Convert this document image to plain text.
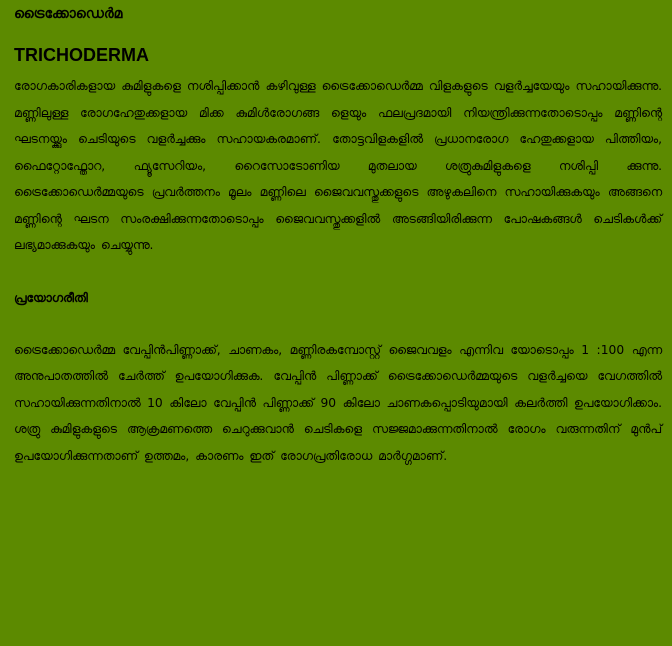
ട്രൈക്കോഡെർമ
TRICHODERMA

രോഗകാരികളായ കുമിളുകളെ നശിപ്പിക്കാൻ കഴിവുള്ള ട്രൈക്കോഡെർമ്മ വിളകളുടെ വളർച്ചയേയും സഹായിക്കുന്നു. മണ്ണിലുള്ള രോഗഹേതുക്കളായ മിക്ക കുമിൾരോഗങ്ങ ളെയും ഫലപ്രദമായി നിയന്ത്രിക്കുന്നതോടൊപ്പം മണ്ണിന്റെ ഘടനയ്ക്കും ചെടിയുടെ വളർച്ചക്കും സഹായകരമാണ്. തോട്ടവിളകളിൽ പ്രധാനരോഗ ഹേതുക്കളായ പിത്തിയം, ഫൈറ്റോഫ്തോറ, ഫ്യൂസേറിയം, റൈസോടോണിയ മുതലായ ശത്രുകുമിളുകളെ നശിപ്പി ക്കുന്നു. ട്രൈക്കോഡെർമ്മയുടെ പ്രവർത്തനം മൂലം മണ്ണിലെ ജൈവവസ്തുക്കളുടെ അഴുകലിനെ സഹായിക്കുകയും അങ്ങനെ മണ്ണിന്റെ ഘടന സംരക്ഷിക്കുന്നതോടൊപ്പം ജൈവവസ്തുക്കളിൽ അടങ്ങിയിരിക്കുന്ന പോഷകങ്ങൾ ചെടികൾക്ക് ലഭ്യമാക്കുകയും ചെയ്യുന്നു.

പ്രയോഗരീതി

ട്രൈക്കോഡെർമ്മ വേപ്പിൻപിണ്ണാക്ക്, ചാണകം, മണ്ണിരകമ്പോസ്റ്റ് ജൈവവളം എന്നിവ യോടൊപ്പം 1 :100 എന്ന അനുപാതത്തിൽ ചേർത്ത് ഉപയോഗിക്കുക. വേപ്പിൻ പിണ്ണാക്ക് ട്രൈക്കോഡെർമ്മയുടെ വളർച്ചയെ വേഗത്തിൽ സഹായിക്കുന്നതിനാൽ 10 കിലോ വേപ്പിൻ പിണ്ണാക്ക് 90 കിലോ ചാണകപ്പൊടിയുമായി കലർത്തി ഉപയോഗിക്കാം. ശത്രു കുമിളുകളുടെ ആക്രമണത്തെ ചെറുക്കുവാൻ ചെടികളെ സജ്ജമാക്കുന്നതിനാൽ രോഗം വരുന്നതിന് മുൻപ് ഉപയോഗിക്കുന്നതാണ് ഉത്തമം, കാരണം ഇത് രോഗപ്രതിരോധ മാർഗ്ഗമാണ്.
